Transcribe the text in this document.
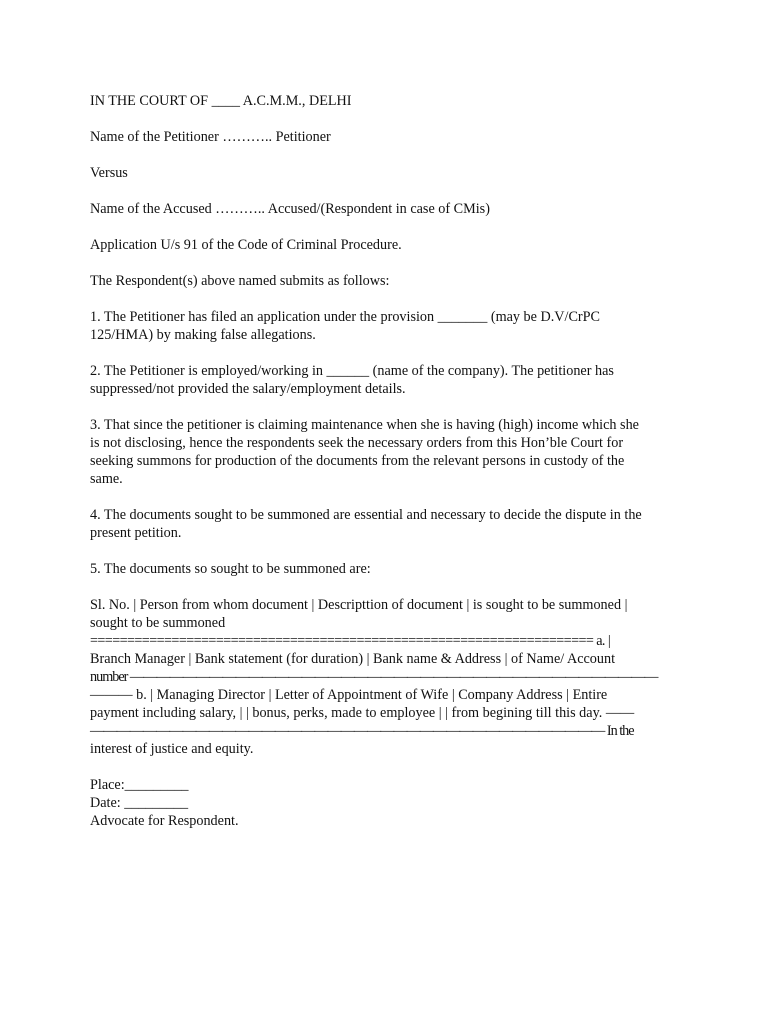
IN THE COURT OF ____ A.C.M.M., DELHI
Name of the Petitioner ……….. Petitioner
Versus
Name of the Accused ……….. Accused/(Respondent in case of CMis)
Application U/s 91 of the Code of Criminal Procedure.
The Respondent(s) above named submits as follows:
1. The Petitioner has filed an application under the provision _______ (may be D.V/CrPC
125/HMA) by making false allegations.
2. The Petitioner is employed/working in ______ (name of the company). The petitioner has
suppressed/not provided the salary/employment details.
3. That since the petitioner is claiming maintenance when she is having (high) income which she
is not disclosing, hence the respondents seek the necessary orders from this Hon’ble Court for
seeking summons for production of the documents from the relevant persons in custody of the
same.
4. The documents sought to be summoned are essential and necessary to decide the dispute in the
present petition.
5. The documents so sought to be summoned are:
Sl. No. | Person from whom document | Descripttion of document | is sought to be summoned |
sought to be summoned
==================================================================== a. |
Branch Manager | Bank statement (for duration) | Bank name & Address | of Name/ Account
number ————————————————————————————————————————
——— b. | Managing Director | Letter of Appointment of Wife | Company Address | Entire
payment including salary, | | bonus, perks, made to employee | | from begining till this day. ——
——————————————————————————————————————— In the
interest of justice and equity.
Place:_________
Date: _________
Advocate for Respondent.
